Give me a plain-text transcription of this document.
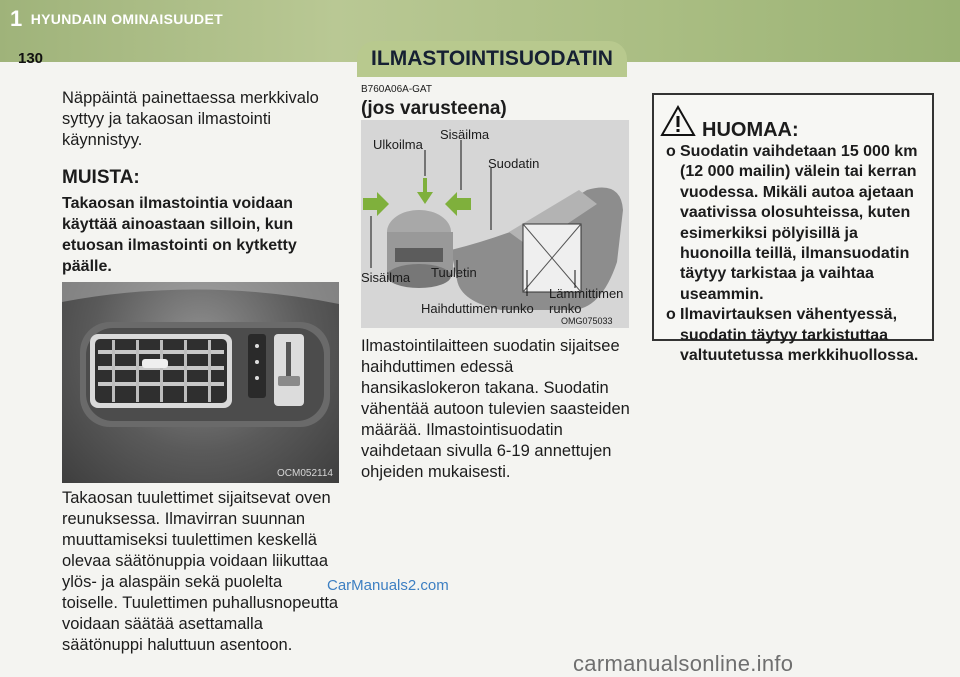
1 HYUNDAIN OMINAISUUDET
130	ILMASTOINTISUODATIN

Näppäintä painettaessa merkkivalo syttyy ja takaosan ilmastointi käynnistyy.

MUISTA:
Takaosan ilmastointia voidaan käyttää ainoastaan silloin, kun etuosan ilmastointi on kytketty päälle.
OCM052114

Takaosan tuulettimet sijaitsevat oven reunuksessa. Ilmavirran suunnan muuttamiseksi tuulettimen keskellä olevaa säätönuppia voidaan liikuttaa ylös- ja alaspäin sekä puolelta toiselle. Tuulettimen puhallusnopeutta voidaan säätää asettamalla säätönuppi haluttuun asentoon.

B760A06A-GAT
(jos varusteena)
Ulkoilma
Sisäilma
Suodatin
Sisäilma Tuuletin
Lämmittimen runko
Haihduttimen runko
OMG075033

Ilmastointilaitteen suodatin sijaitsee haihduttimen edessä hansikaslokeron takana. Suodatin vähentää autoon tulevien saasteiden määrää. Ilmastointisuodatin vaihdetaan sivulla 6-19 annettujen ohjeiden mukaisesti.

HUOMAA:
o Suodatin vaihdetaan 15 000 km (12 000 mailin) välein tai kerran vuodessa. Mikäli autoa ajetaan vaativissa olosuhteissa, kuten esimerkiksi pölyisillä ja huonoilla teillä, ilmansuodatin täytyy tarkistaa ja vaihtaa useammin.
o Ilmavirtauksen vähentyessä, suodatin täytyy tarkistuttaa valtuutetussa merkkihuollossa.
CarManuals2.com
carmanualsonline.info
